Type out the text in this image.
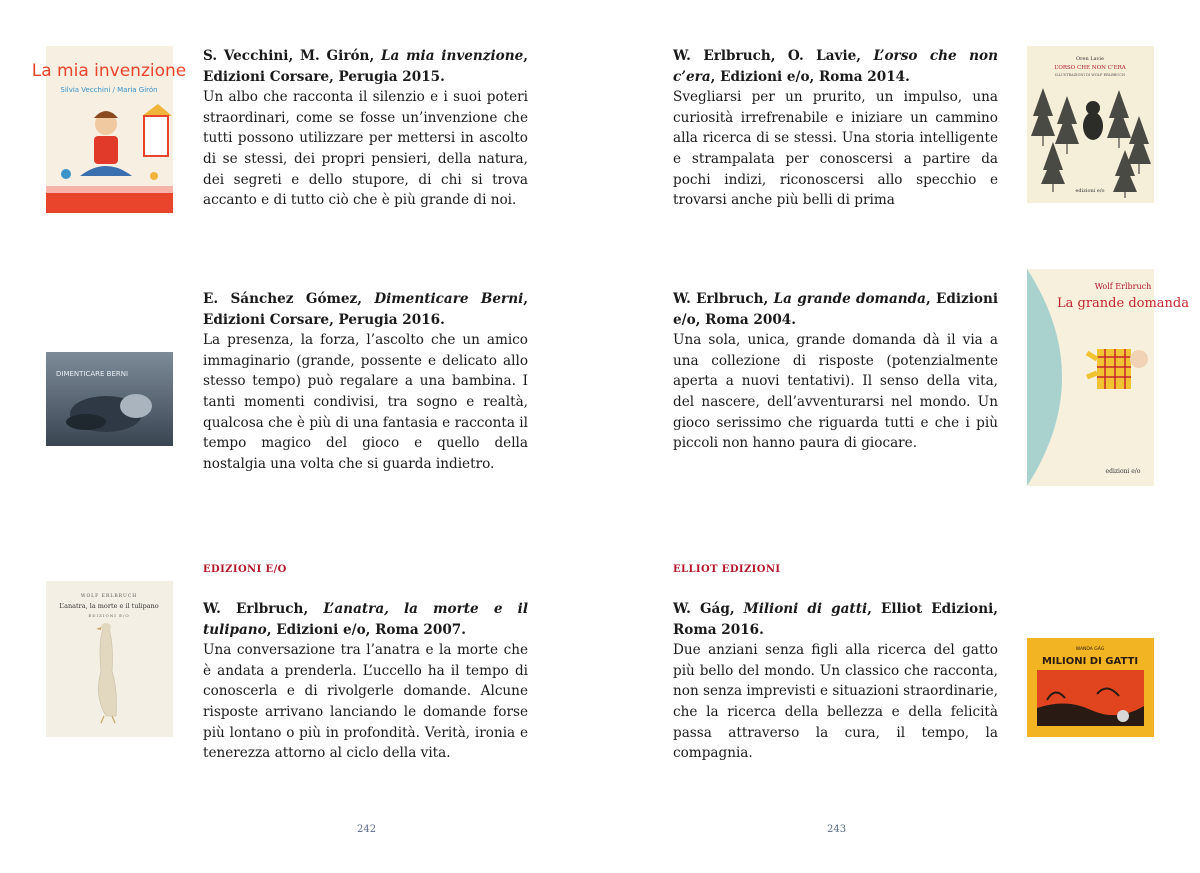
La mia invenzione
Silvia Vecchini / Maria Girón
S. Vecchini, M. Girón, La mia invenzione, Edizioni Corsare, Perugia 2015.
Un albo che racconta il silenzio e i suoi poteri straordinari, come se fosse un’invenzione che tutti possono utilizzare per mettersi in ascolto di se stessi, dei propri pensieri, della natura, dei segreti e dello stupore, di chi si trova accanto e di tutto ciò che è più grande di noi.
DIMENTICARE BERNI
E. Sánchez Gómez, Dimenticare Berni, Edizioni Corsare, Perugia 2016.
La presenza, la forza, l’ascolto che un amico immaginario (grande, possente e delicato allo stesso tempo) può regalare a una bambina. I tanti momenti condivisi, tra sogno e realtà, qualcosa che è più di una fantasia e racconta il tempo magico del gioco e quello della nostalgia una volta che si guarda indietro.
EDIZIONI E/O
WOLF ERLBRUCH
L’anatra, la morte e il tulipano
EDIZIONI E/O	W. Erlbruch, L’anatra, la morte e il tulipano, Edizioni e/o, Roma 2007.
Una conversazione tra l’anatra e la morte che è andata a prenderla. L’uccello ha il tempo di conoscerla e di rivolgerle domande. Alcune risposte arrivano lanciando le domande forse più lontano o più in profondità. Verità, ironia e tenerezza attorno al ciclo della vita.
242
W. Erlbruch, O. Lavie, L’orso che non c’era, Edizioni e/o, Roma 2014.
Svegliarsi per un prurito, un impulso, una curiosità irrefrenabile e iniziare un cammino alla ricerca di se stessi. Una storia intelligente e strampalata per conoscersi a partire da pochi indizi, riconoscersi allo specchio e trovarsi anche più belli di prima
Oren Lavie
L’ORSO CHE NON C’ERA
ILLUSTRAZIONI DI WOLF ERLBRUCH
edizioni e/o
W. Erlbruch, La grande domanda, Edizioni e/o, Roma 2004.
Una sola, unica, grande domanda dà il via a una collezione di risposte (potenzialmente aperta a nuovi tentativi). Il senso della vita, del nascere, dell’avventurarsi nel mondo. Un gioco serissimo che riguarda tutti e che i più piccoli non hanno paura di giocare.
Wolf Erlbruch
La grande domanda
edizioni e/o
ELLIOT EDIZIONI
W. Gág, Milioni di gatti, Elliot Edizioni, Roma 2016.
Due anziani senza figli alla ricerca del gatto più bello del mondo. Un classico che racconta, non senza imprevisti e situazioni straordinarie, che la ricerca della bellezza e della felicità passa attraverso la cura, il tempo, la compagnia.
WANDA GÁG
MILIONI DI GATTI
243
